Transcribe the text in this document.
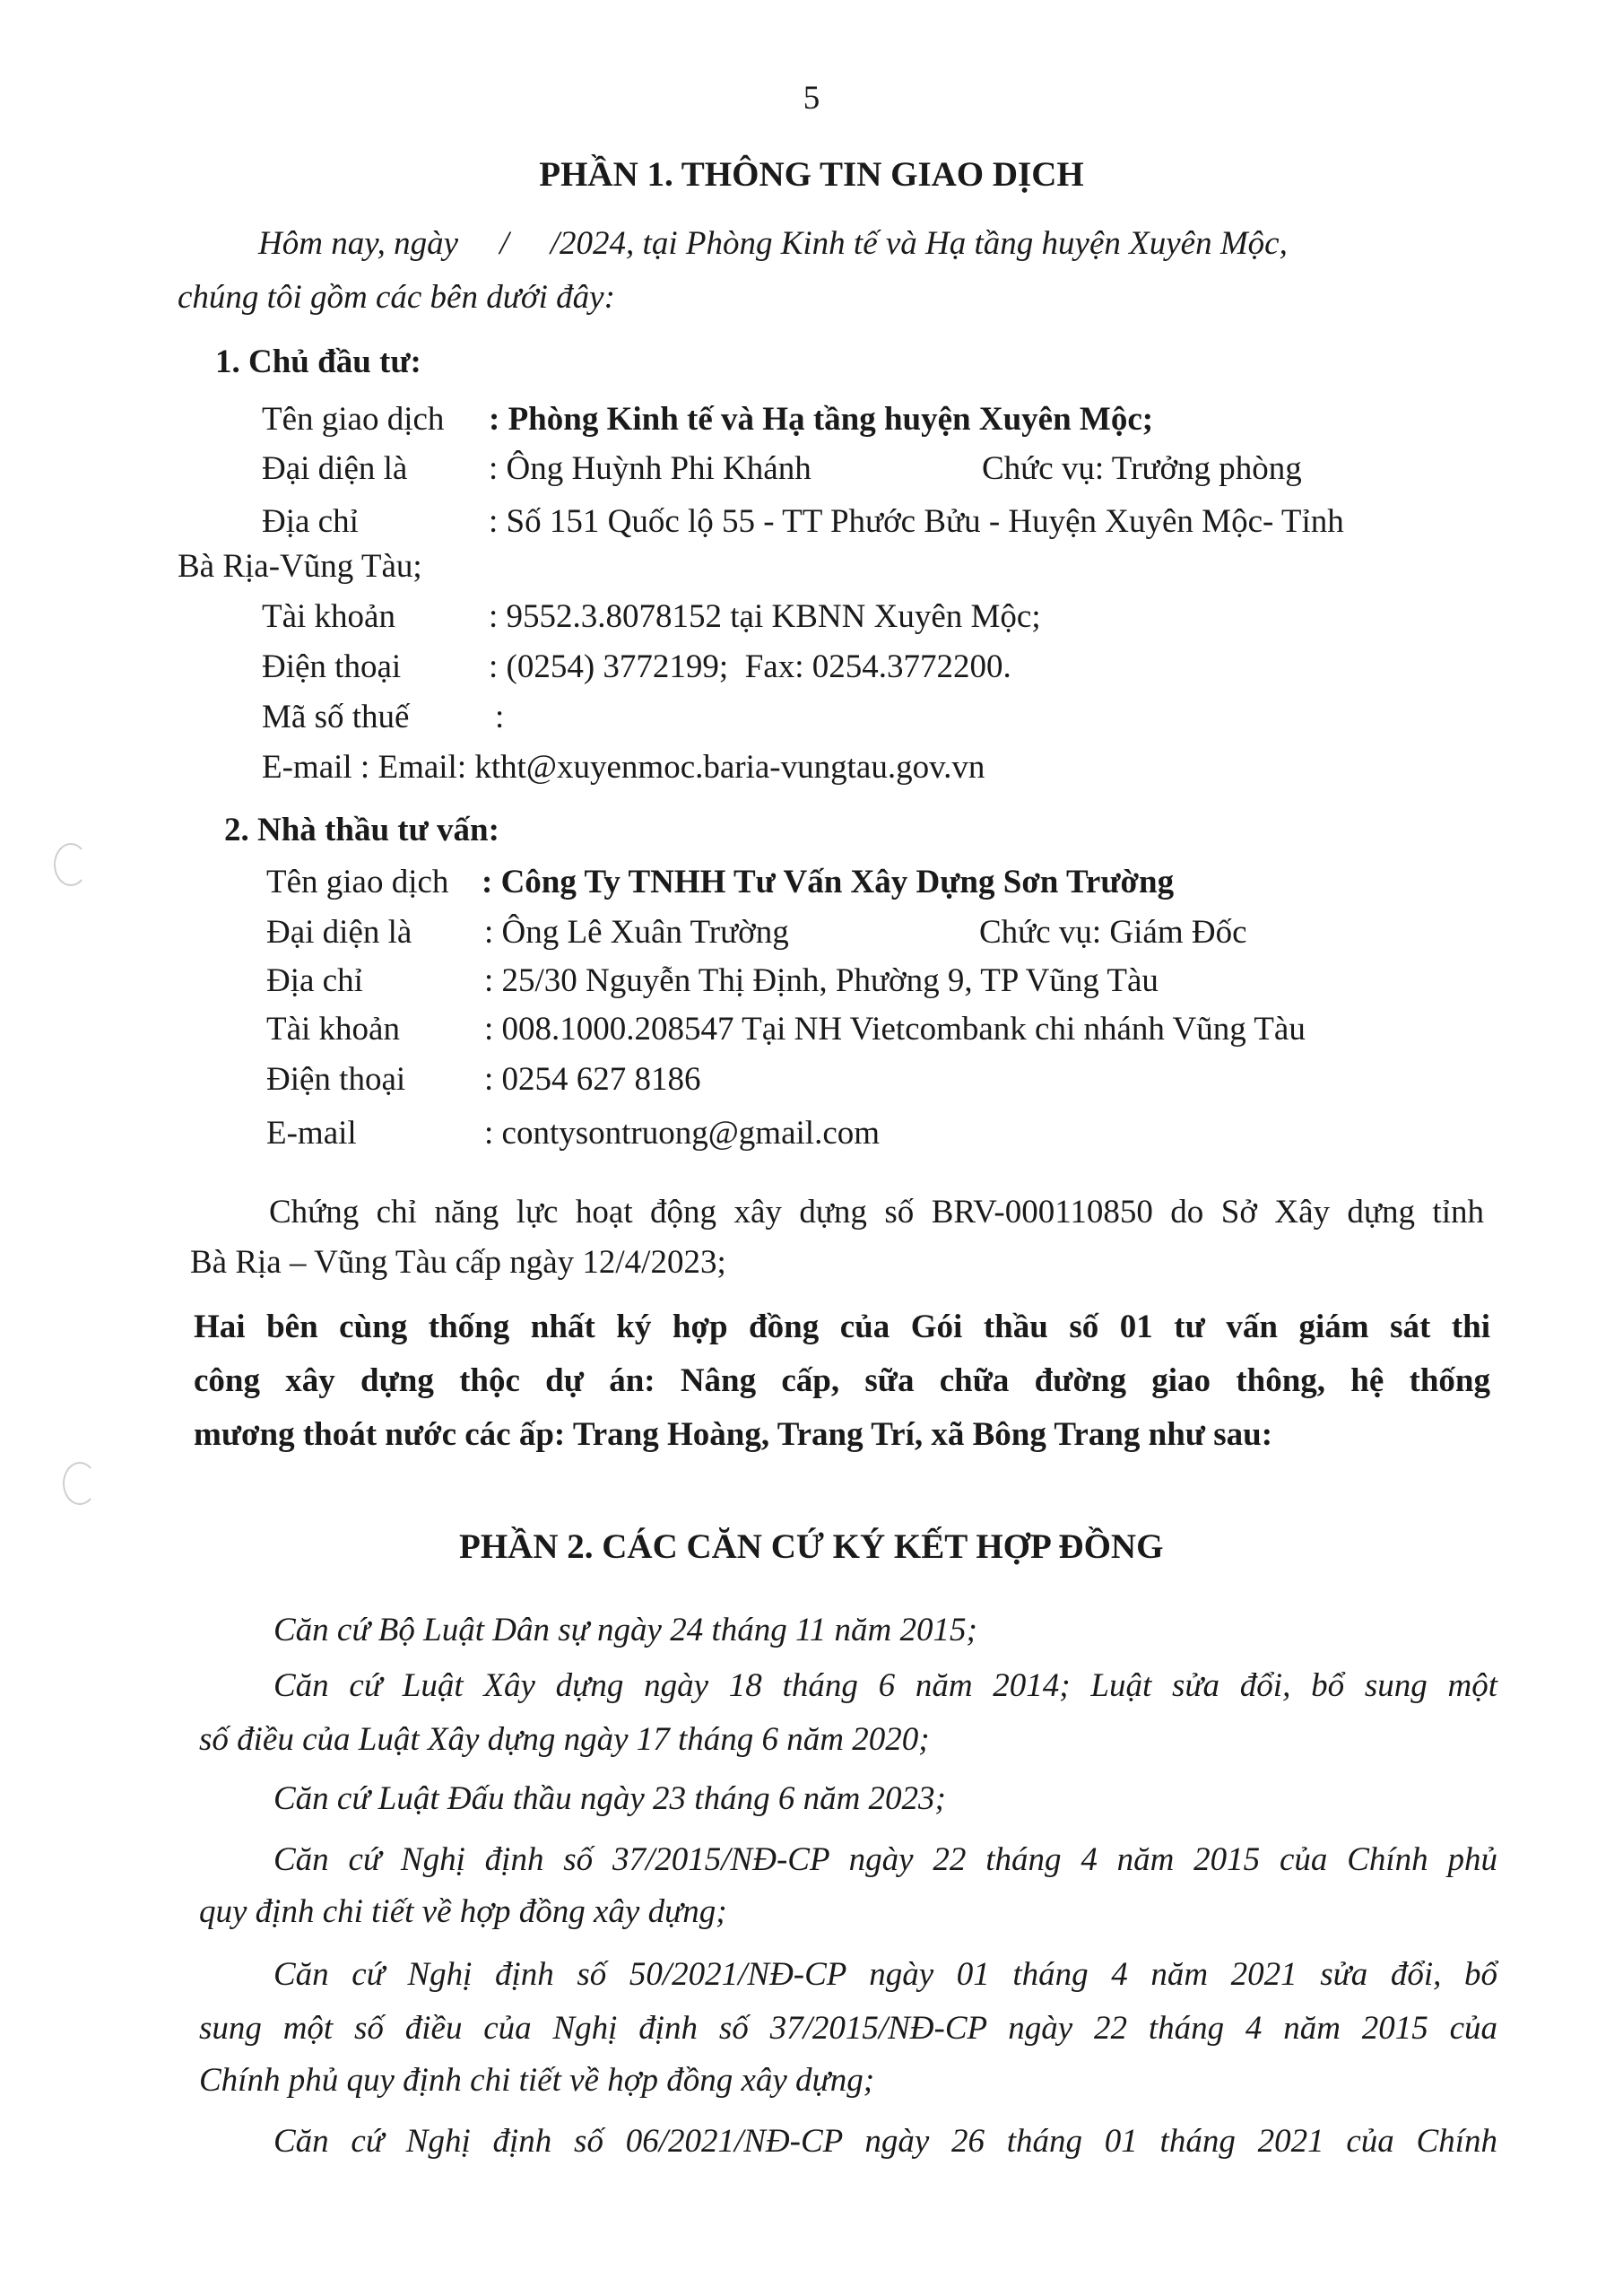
5
PHẦN 1. THÔNG TIN GIAO DỊCH
Hôm nay, ngày     /     /2024, tại Phòng Kinh tế và Hạ tầng huyện Xuyên Mộc,
chúng tôi gồm các bên dưới đây:
1. Chủ đầu tư:
Tên giao dịch : Phòng Kinh tế và Hạ tầng huyện Xuyên Mộc;
Đại diện là : Ông Huỳnh Phi Khánh	Chức vụ: Trưởng phòng
Địa chỉ	: Số 151 Quốc lộ 55 - TT Phước Bửu - Huyện Xuyên Mộc- Tỉnh
Bà Rịa-Vũng Tàu;
Tài khoản	: 9552.3.8078152 tại KBNN Xuyên Mộc;
Điện thoại	: (0254) 3772199;  Fax: 0254.3772200.
Mã số thuế	:
E-mail : Email: ktht@xuyenmoc.baria-vungtau.gov.vn
2. Nhà thầu tư vấn:
Tên giao dịch : Công Ty TNHH Tư Vấn Xây Dựng Sơn Trường
Đại diện là : Ông Lê Xuân Trường	Chức vụ: Giám Đốc
Địa chỉ	: 25/30 Nguyễn Thị Định, Phường 9, TP Vũng Tàu
Tài khoản	: 008.1000.208547 Tại NH Vietcombank chi nhánh Vũng Tàu
Điện thoại : 0254 627 8186
E-mail	: contysontruong@gmail.com
Chứng chỉ năng lực hoạt động xây dựng số BRV-000110850 do Sở Xây dựng tỉnh
Bà Rịa – Vũng Tàu cấp ngày 12/4/2023;
Hai bên cùng thống nhất ký hợp đồng của Gói thầu số 01 tư vấn giám sát thi
công xây dựng thộc dự án: Nâng cấp, sữa chữa đường giao thông, hệ thống
mương thoát nước các ấp: Trang Hoàng, Trang Trí, xã Bông Trang như sau:
PHẦN 2. CÁC CĂN CỨ KÝ KẾT HỢP ĐỒNG
Căn cứ Bộ Luật Dân sự ngày 24 tháng 11 năm 2015;
Căn cứ Luật Xây dựng ngày 18 tháng 6 năm 2014; Luật sửa đổi, bổ sung một
số điều của Luật Xây dựng ngày 17 tháng 6 năm 2020;
Căn cứ Luật Đấu thầu ngày 23 tháng 6 năm 2023;
Căn cứ Nghị định số 37/2015/NĐ-CP ngày 22 tháng 4 năm 2015 của Chính phủ
quy định chi tiết về hợp đồng xây dựng;
Căn cứ Nghị định số 50/2021/NĐ-CP ngày 01 tháng 4 năm 2021 sửa đổi, bổ
sung một số điều của Nghị định số 37/2015/NĐ-CP ngày 22 tháng 4 năm 2015 của
Chính phủ quy định chi tiết về hợp đồng xây dựng;
Căn cứ Nghị định số 06/2021/NĐ-CP ngày 26 tháng 01 tháng 2021 của Chính
